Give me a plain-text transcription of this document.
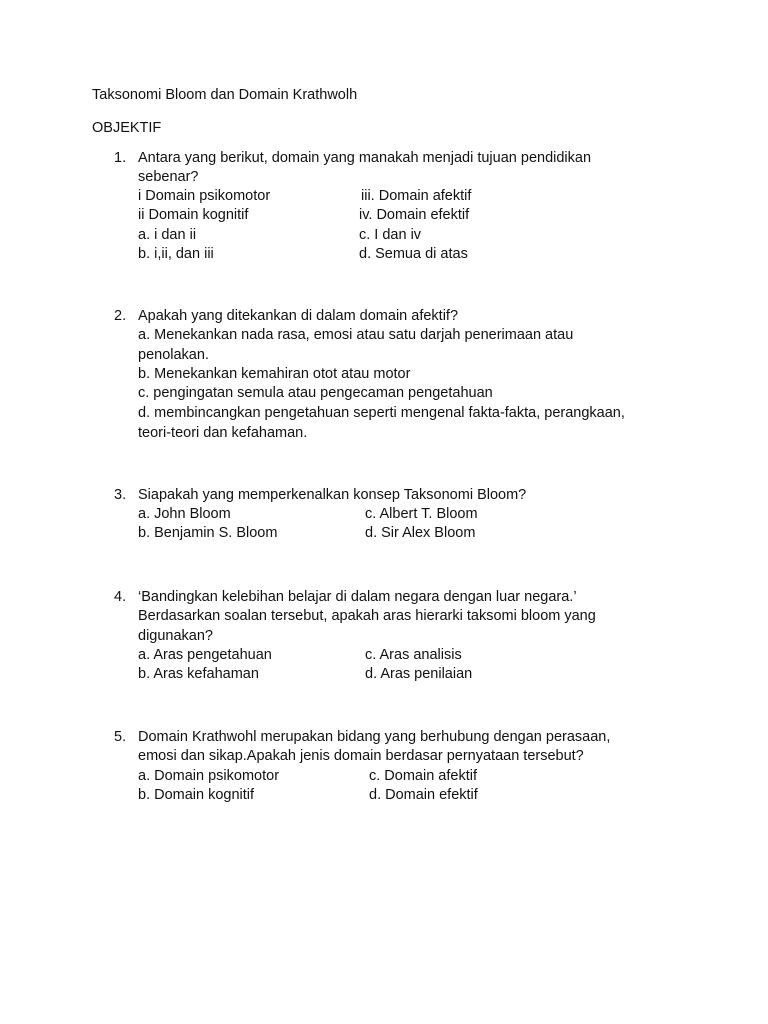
Taksonomi Bloom dan Domain Krathwolh

OBJEKTIF

1. Antara yang berikut, domain yang manakah menjadi tujuan pendidikan
sebenar?
i Domain psikomotor	iii. Domain afektif
ii Domain kognitif	iv. Domain efektif
a. i dan ii	c. I dan iv
b. i,ii, dan iii	d. Semua di atas
2. Apakah yang ditekankan di dalam domain afektif?
a. Menekankan nada rasa, emosi atau satu darjah penerimaan atau
penolakan.
b. Menekankan kemahiran otot atau motor
c. pengingatan semula atau pengecaman pengetahuan
d. membincangkan pengetahuan seperti mengenal fakta-fakta, perangkaan,
teori-teori dan kefahaman.
3. Siapakah yang memperkenalkan konsep Taksonomi Bloom?
a. John Bloom	c. Albert T. Bloom
b. Benjamin S. Bloom	d. Sir Alex Bloom
4. ‘Bandingkan kelebihan belajar di dalam negara dengan luar negara.’
Berdasarkan soalan tersebut, apakah aras hierarki taksomi bloom yang
digunakan?
a. Aras pengetahuan	c. Aras analisis
b. Aras kefahaman	d. Aras penilaian
5. Domain Krathwohl merupakan bidang yang berhubung dengan perasaan,
emosi dan sikap.Apakah jenis domain berdasar pernyataan tersebut?
a. Domain psikomotor	c. Domain afektif
b. Domain kognitif	d. Domain efektif
